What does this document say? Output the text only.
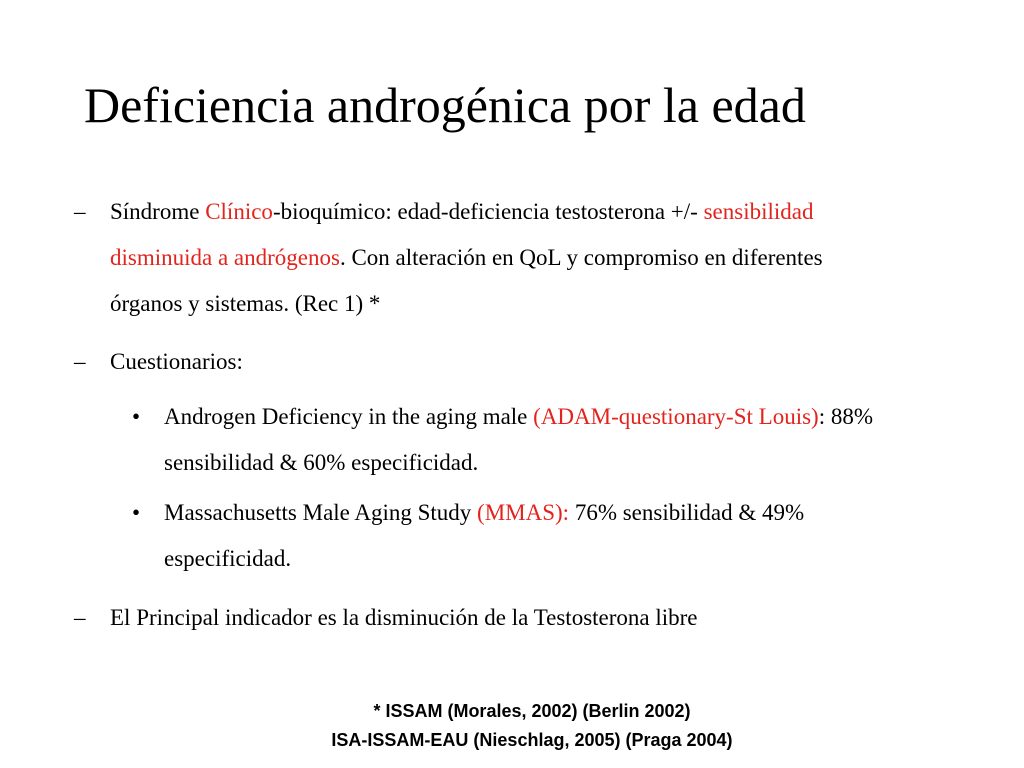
Deficiencia androgénica por la edad
– Síndrome Clínico-bioquímico: edad-deficiencia testosterona +/- sensibilidad disminuida a andrógenos. Con alteración en QoL y compromiso en diferentes órganos y sistemas. (Rec 1) *
– Cuestionarios:
• Androgen Deficiency in the aging male (ADAM-questionary-St Louis): 88% sensibilidad & 60% especificidad.
• Massachusetts Male Aging Study (MMAS): 76% sensibilidad & 49% especificidad.
– El Principal indicador es la disminución de la Testosterona libre
* ISSAM (Morales, 2002) (Berlin 2002)
ISA-ISSAM-EAU (Nieschlag, 2005) (Praga 2004)
